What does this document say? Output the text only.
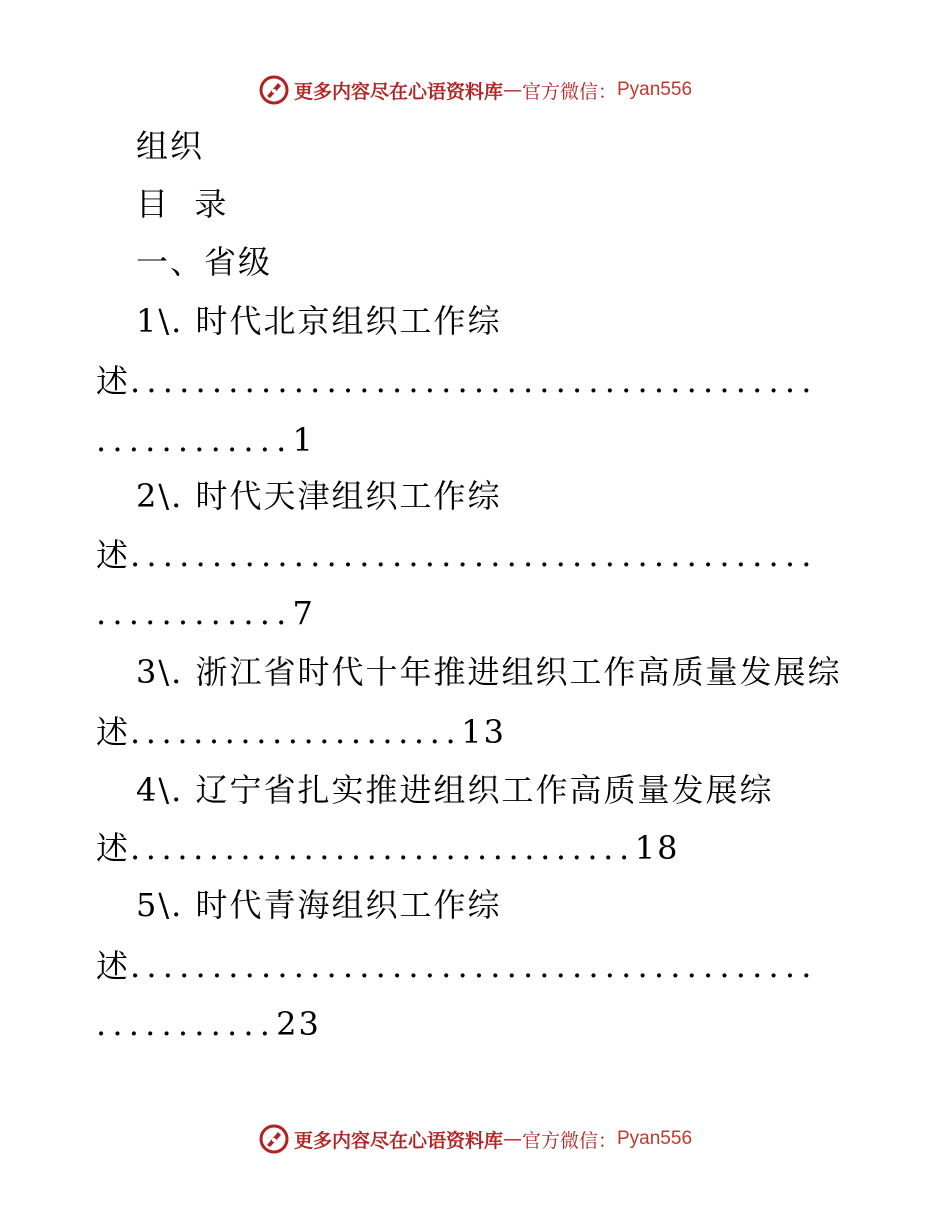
更多内容尽在心语资料库 — 官方微信： Pyan556
组织
目  录
一、省级
1\. 时代北京组织工作综
述..........................................
............1
2\. 时代天津组织工作综
述..........................................
............7
3\. 浙江省时代十年推进组织工作高质量发展综
述.....................13
4\. 辽宁省扎实推进组织工作高质量发展综
述................................18
5\. 时代青海组织工作综
述..........................................
...........23
更多内容尽在心语资料库 — 官方微信： Pyan556
